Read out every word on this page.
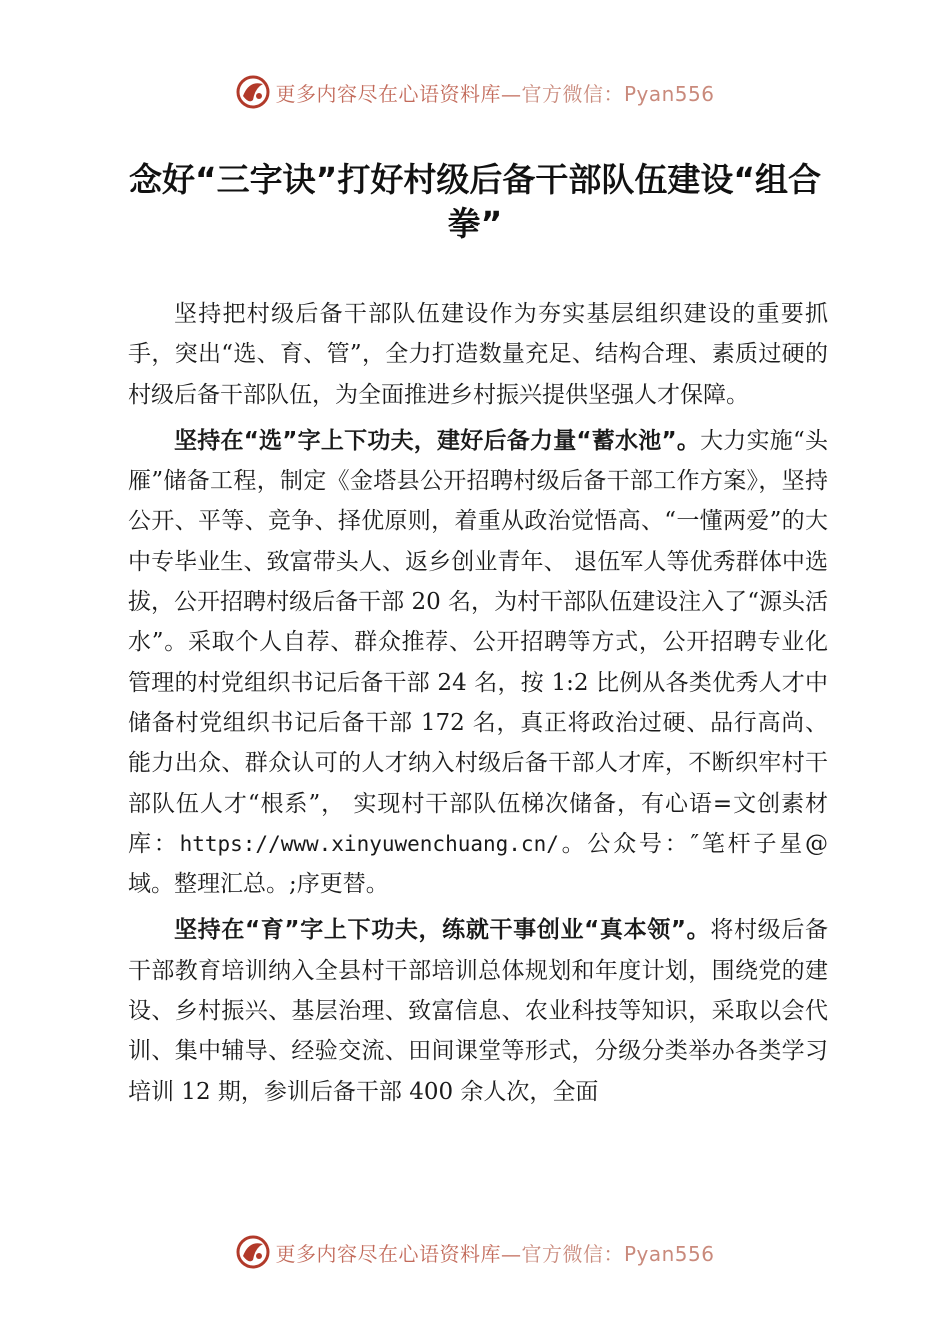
更多内容尽在心语资料库—官方微信：Pyan556
念好“三字诀”打好村级后备干部队伍建设“组合拳”

坚持把村级后备干部队伍建设作为夯实基层组织建设的重要抓手，突出“选、育、管”，全力打造数量充足、结构合理、素质过硬的村级后备干部队伍，为全面推进乡村振兴提供坚强人才保障。

坚持在“选”字上下功夫，建好后备力量“蓄水池”。大力实施“头雁”储备工程，制定《金塔县公开招聘村级后备干部工作方案》，坚持公开、平等、竞争、择优原则，着重从政治觉悟高、“一懂两爱”的大中专毕业生、致富带头人、返乡创业青年、 退伍军人等优秀群体中选拔，公开招聘村级后备干部 20 名，为村干部队伍建设注入了“源头活水”。采取个人自荐、群众推荐、公开招聘等方式，公开招聘专业化管理的村党组织书记后备干部 24 名，按 1:2 比例从各类优秀人才中储备村党组织书记后备干部 172 名，真正将政治过硬、品行高尚、能力出众、群众认可的人才纳入村级后备干部人才库，不断织牢村干部队伍人才“根系”， 实现村干部队伍梯次储备，有心语=文创素材库：https://www.xinyuwenchuang.cn/。公众号：″笔杆子星@域。整理汇总。;序更替。

坚持在“育”字上下功夫，练就干事创业“真本领”。将村级后备干部教育培训纳入全县村干部培训总体规划和年度计划，围绕党的建设、乡村振兴、基层治理、致富信息、农业科技等知识，采取以会代训、集中辅导、经验交流、田间课堂等形式，分级分类举办各类学习培训 12 期，参训后备干部 400 余人次，全面

更多内容尽在心语资料库—官方微信：Pyan556
